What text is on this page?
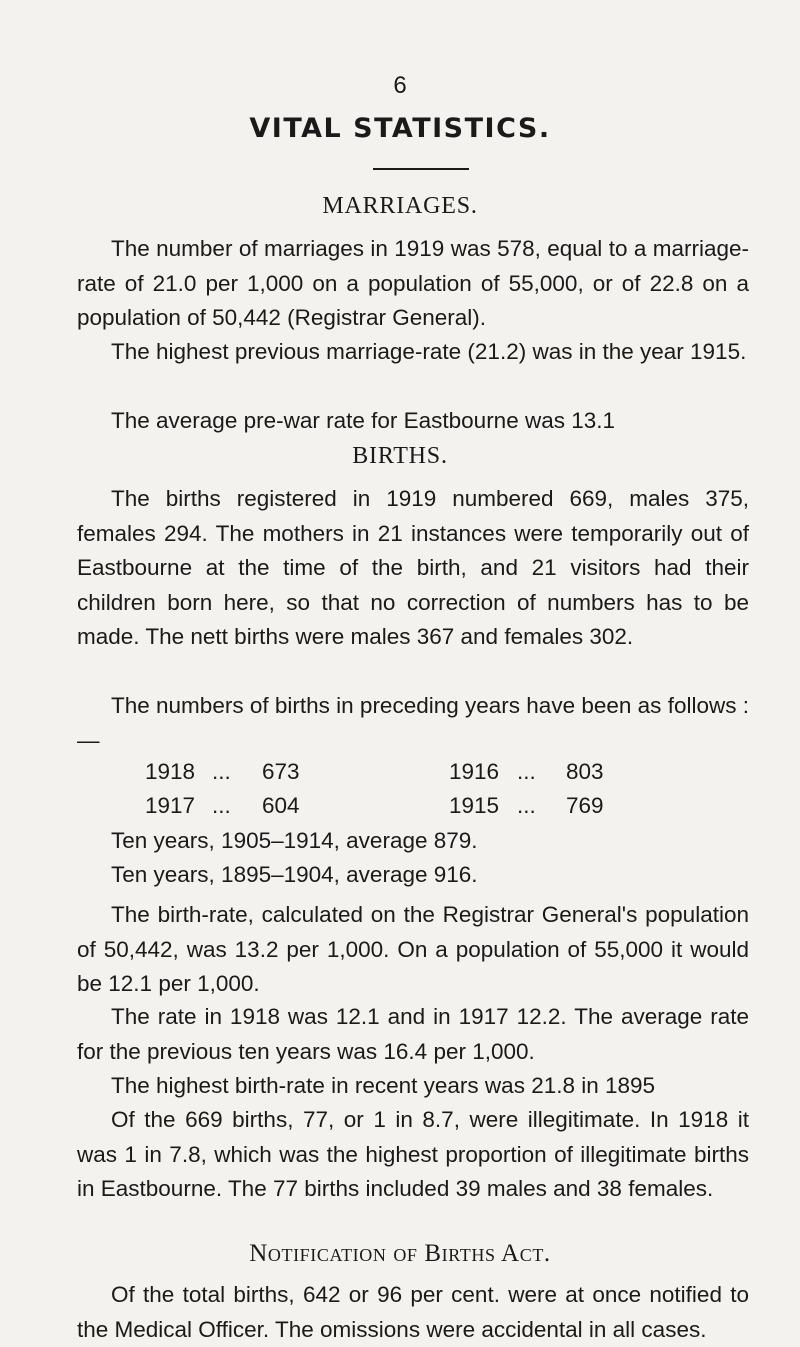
6
VITAL STATISTICS.
MARRIAGES.
The number of marriages in 1919 was 578, equal to a marriage-rate of 21.0 per 1,000 on a population of 55,000, or of 22.8 on a population of 50,442 (Registrar General).
The highest previous marriage-rate (21.2) was in the year 1915.
The average pre-war rate for Eastbourne was 13.1
BIRTHS.
The births registered in 1919 numbered 669, males 375, females 294. The mothers in 21 instances were temporarily out of Eastbourne at the time of the birth, and 21 visitors had their children born here, so that no correction of numbers has to be made. The nett births were males 367 and females 302.
The numbers of births in preceding years have been as follows :—
1918 ... 673	1916 ... 803
1917 ... 604	1915 ... 769
Ten years, 1905–1914, average 879.
Ten years, 1895–1904, average 916.
The birth-rate, calculated on the Registrar General's population of 50,442, was 13.2 per 1,000. On a population of 55,000 it would be 12.1 per 1,000.
The rate in 1918 was 12.1 and in 1917 12.2. The average rate for the previous ten years was 16.4 per 1,000.
The highest birth-rate in recent years was 21.8 in 1895
Of the 669 births, 77, or 1 in 8.7, were illegitimate. In 1918 it was 1 in 7.8, which was the highest proportion of illegitimate births in Eastbourne. The 77 births included 39 males and 38 females.
Notification of Births Act.
Of the total births, 642 or 96 per cent. were at once notified to the Medical Officer. The omissions were accidental in all cases.
